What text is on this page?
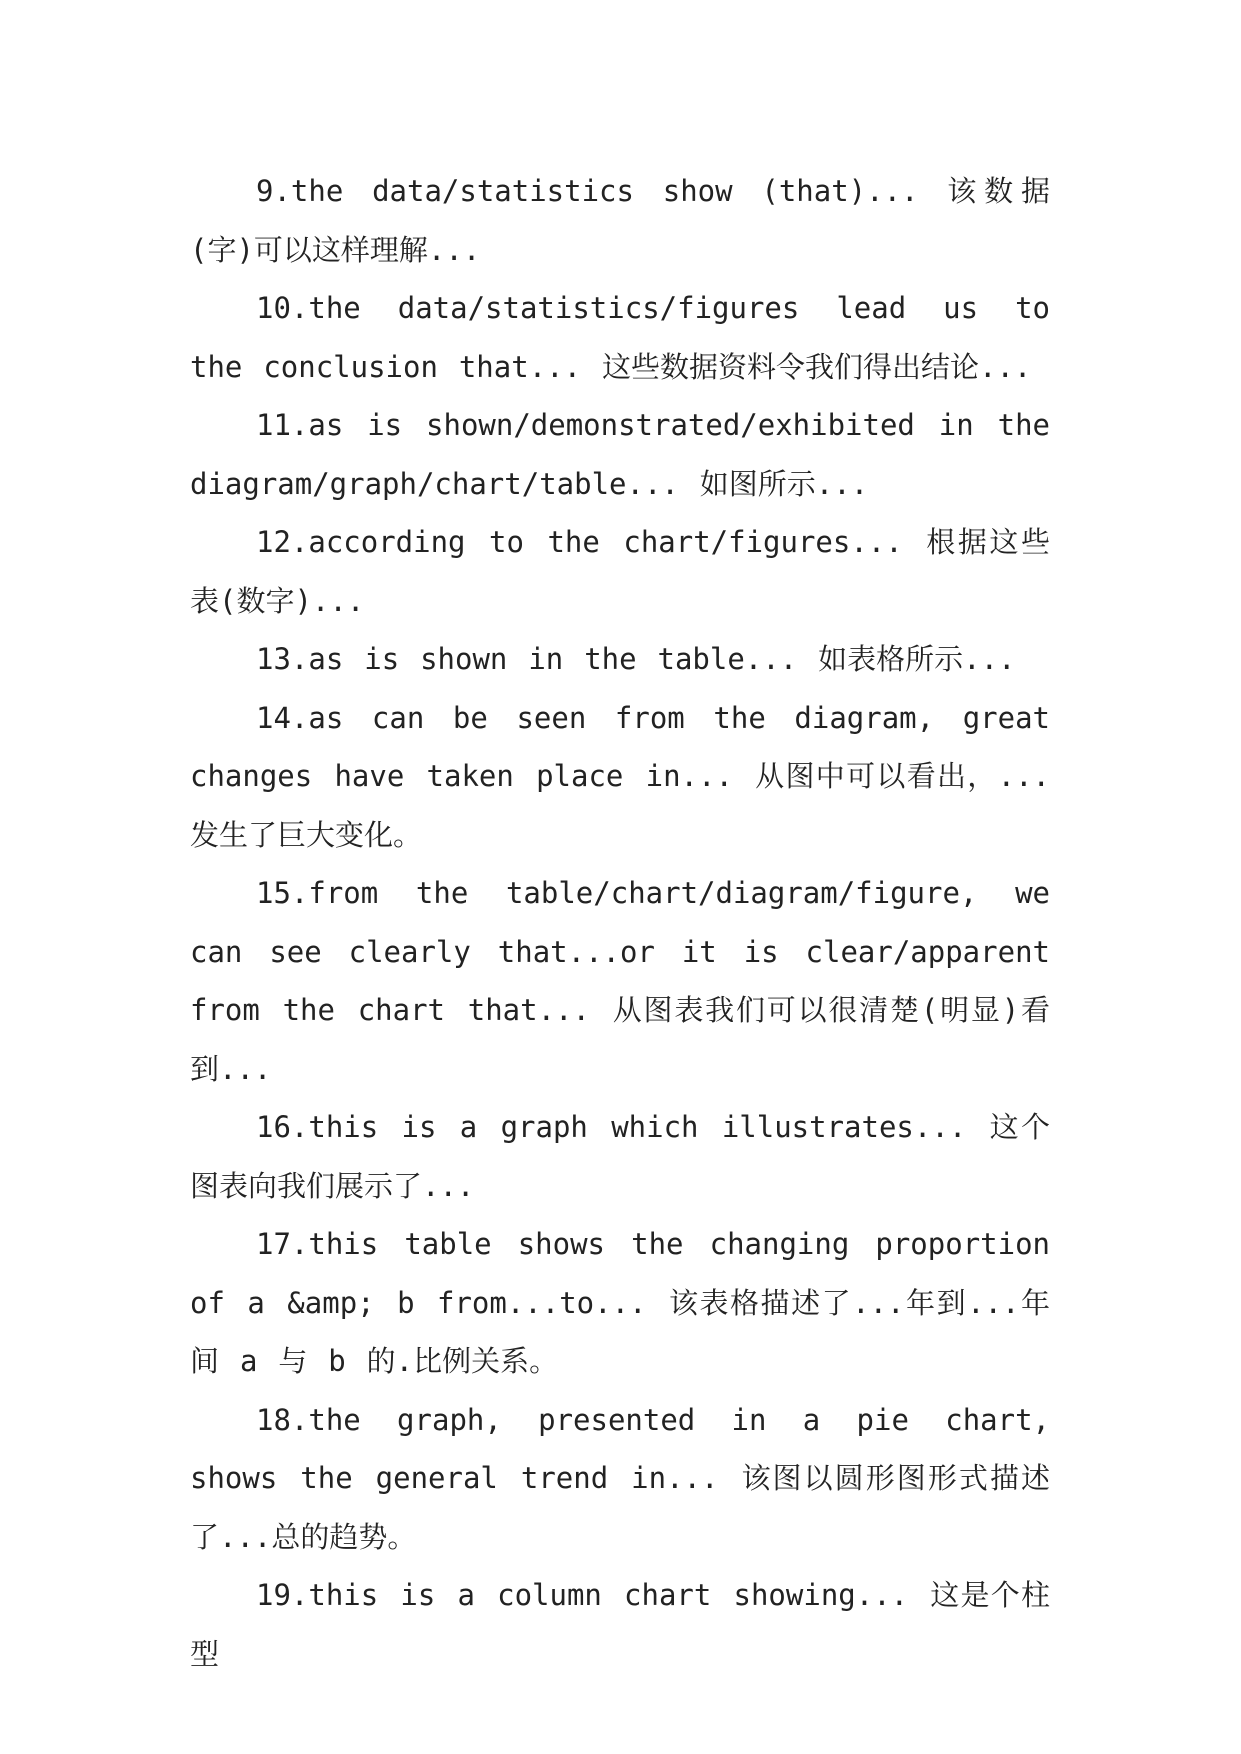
9.the data/statistics show (that)... 该数据(字)可以这样理解...

10.the data/statistics/figures lead us to the conclusion that... 这些数据资料令我们得出结论...

11.as is shown/demonstrated/exhibited in the diagram/graph/chart/table... 如图所示...

12.according to the chart/figures... 根据这些表(数字)...

13.as is shown in the table... 如表格所示...

14.as can be seen from the diagram, great changes have taken place in... 从图中可以看出，...发生了巨大变化。

15.from the table/chart/diagram/figure, we can see clearly that...or it is clear/apparent from the chart that... 从图表我们可以很清楚(明显)看到...

16.this is a graph which illustrates... 这个图表向我们展示了...

17.this table shows the changing proportion of a &amp; b from...to... 该表格描述了...年到...年间 a 与 b 的.比例关系。

18.the graph, presented in a pie chart, shows the general trend in... 该图以圆形图形式描述了...总的趋势。

19.this is a column chart showing... 这是个柱型
